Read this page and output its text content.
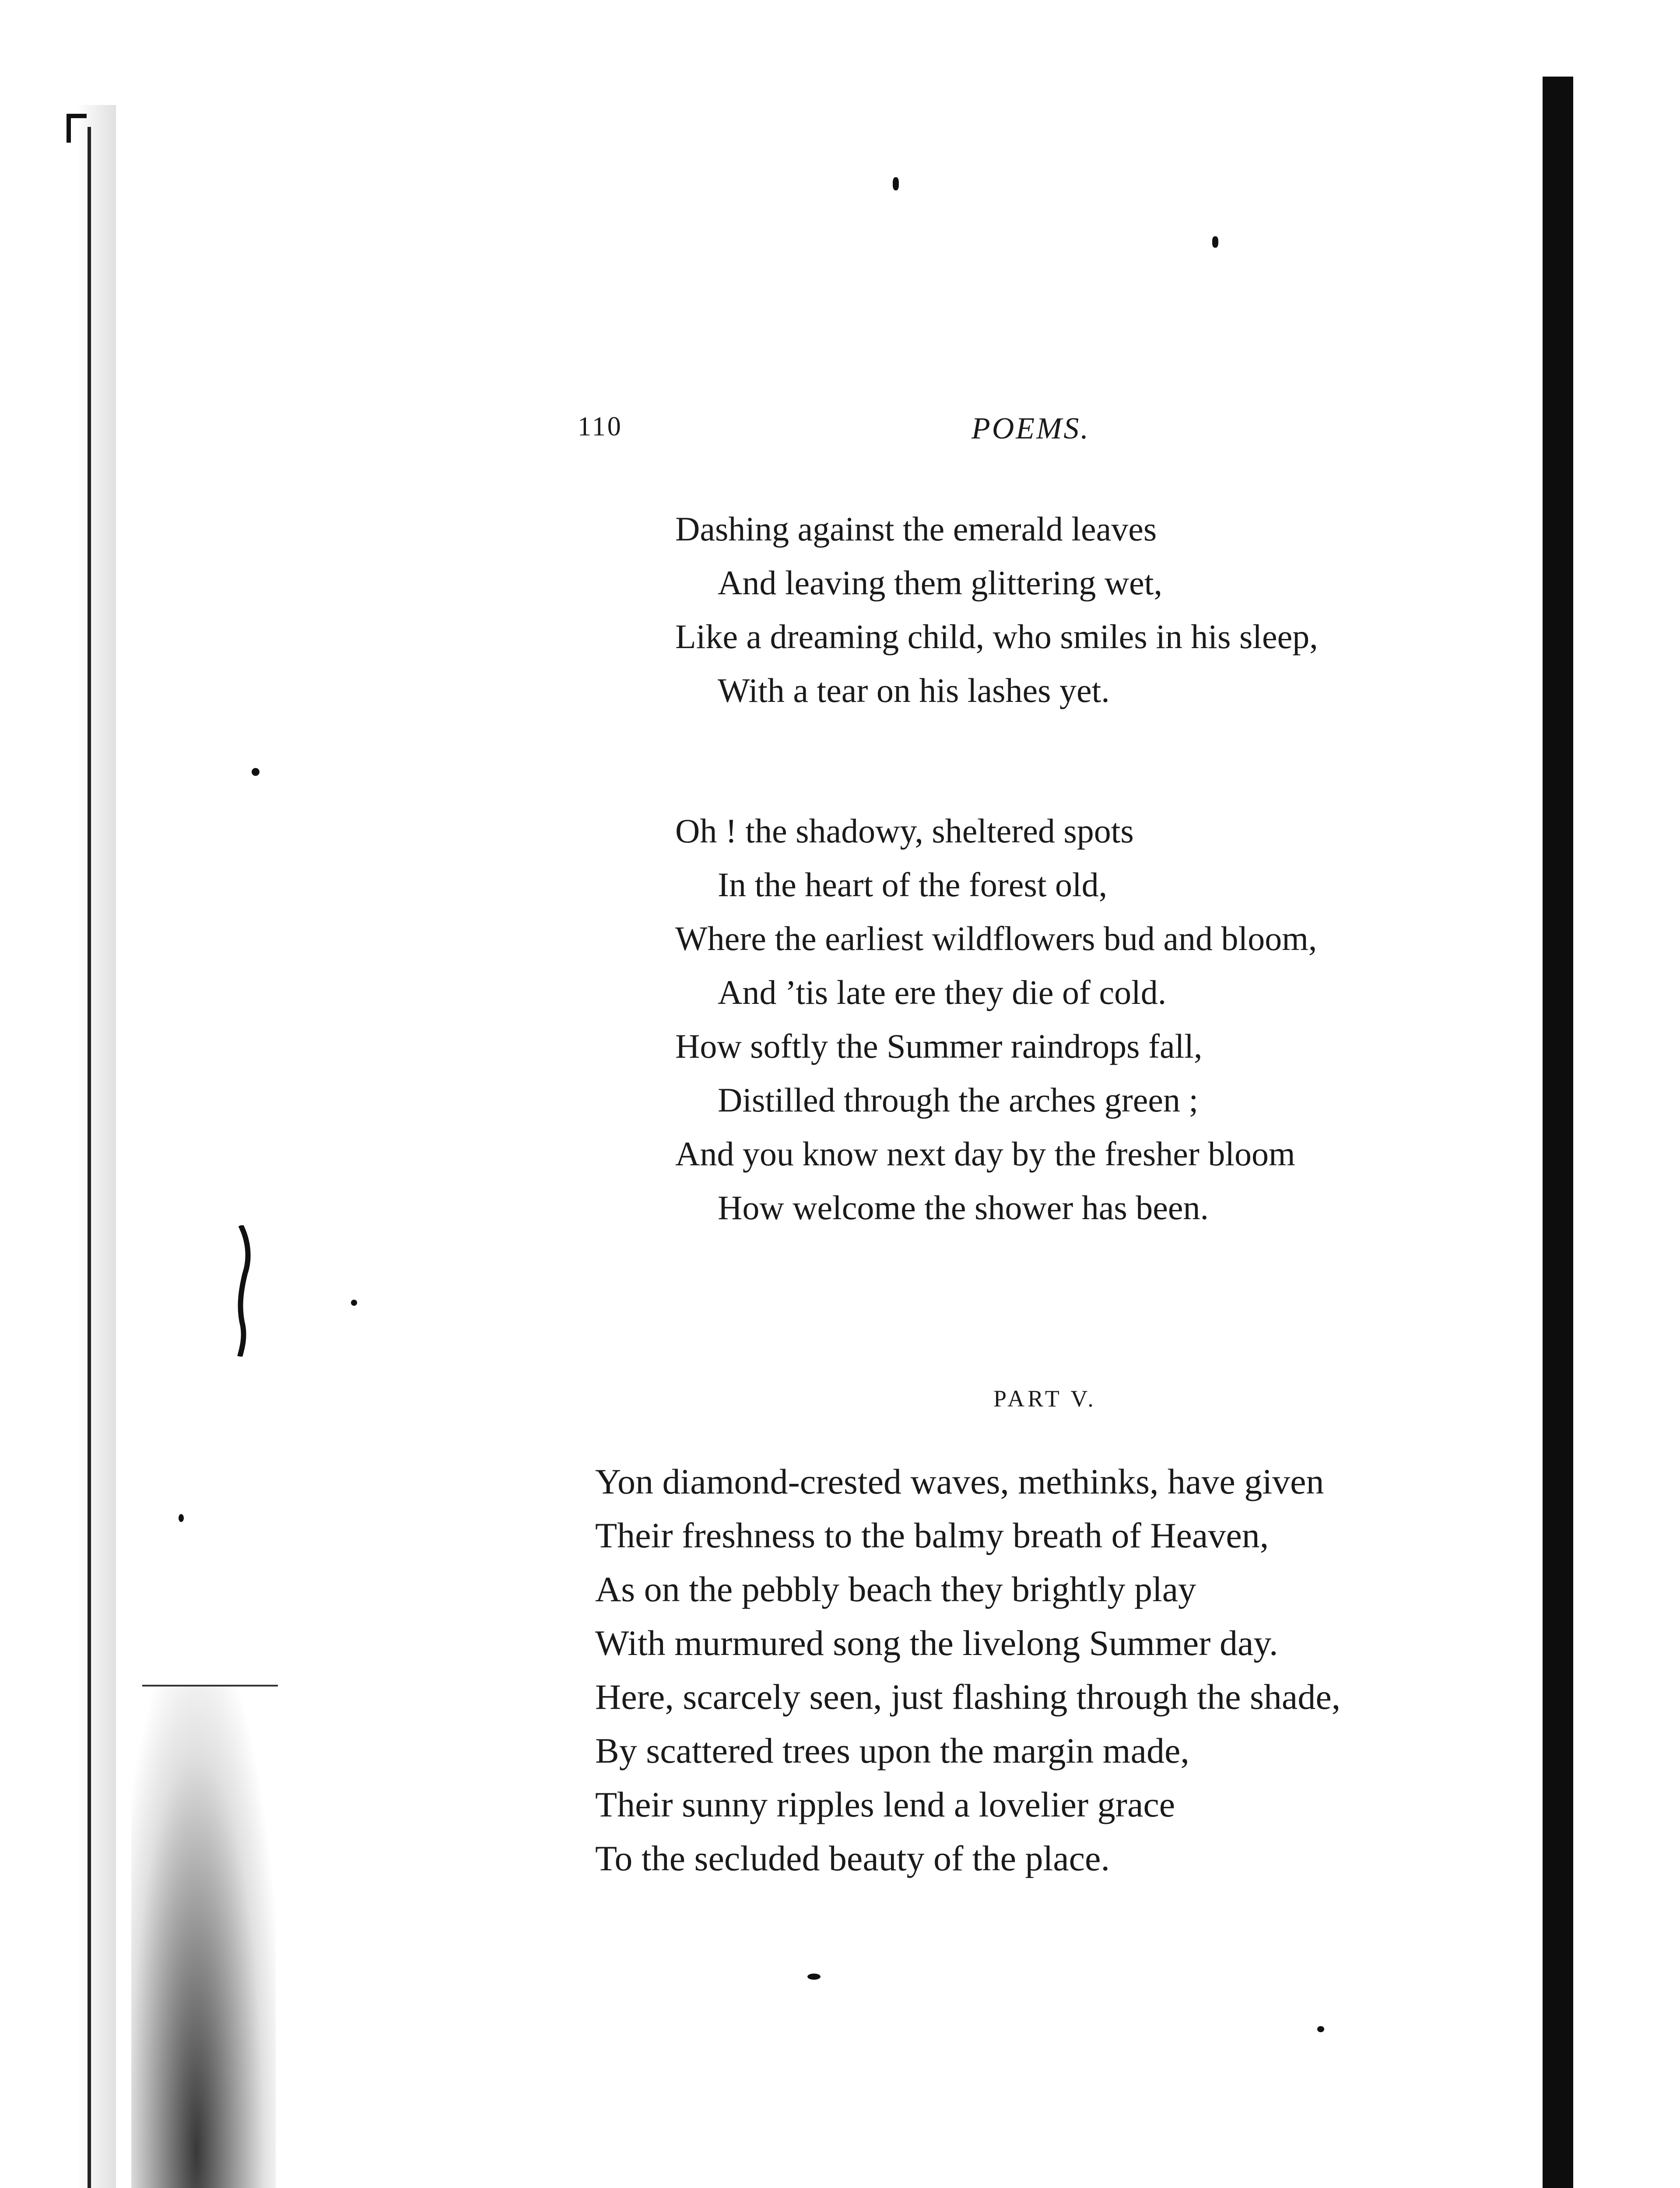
110	POEMS.
Dashing against the emerald leaves
And leaving them glittering wet,
Like a dreaming child, who smiles in his sleep,
With a tear on his lashes yet.
Oh ! the shadowy, sheltered spots
In the heart of the forest old,
Where the earliest wildflowers bud and bloom,
And ’tis late ere they die of cold.
How softly the Summer raindrops fall,
Distilled through the arches green ;
And you know next day by the fresher bloom
How welcome the shower has been.
PART V.
Yon diamond-crested waves, methinks, have given
Their freshness to the balmy breath of Heaven,
As on the pebbly beach they brightly play
With murmured song the livelong Summer day.
Here, scarcely seen, just flashing through the shade,
By scattered trees upon the margin made,
Their sunny ripples lend a lovelier grace
To the secluded beauty of the place.
